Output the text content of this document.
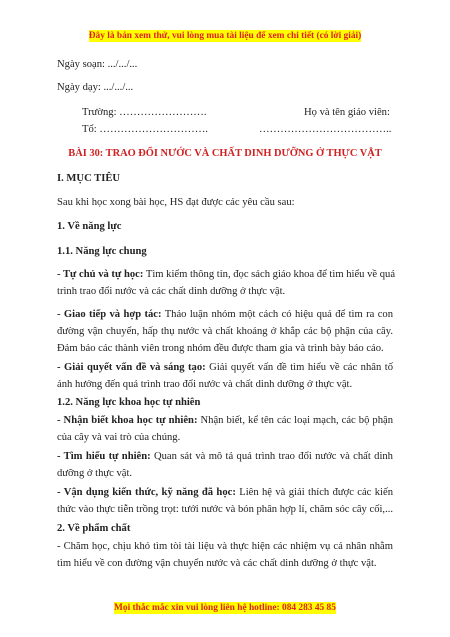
Đây là bản xem thử, vui lòng mua tài liệu để xem chi tiết (có lời giải)
Ngày soạn: .../.../...
Ngày dạy: .../.../...
Trường: …………………….	Họ và tên giáo viên:
Tổ: ………………………….	………………………………..
BÀI 30: TRAO ĐỔI NƯỚC VÀ CHẤT DINH DƯỠNG Ở THỰC VẬT
I. MỤC TIÊU
Sau khi học xong bài học, HS đạt được các yêu cầu sau:
1. Về năng lực
1.1. Năng lực chung
- Tự chủ và tự học: Tìm kiếm thông tin, đọc sách giáo khoa để tìm hiểu về quá
trình trao đổi nước và các chất dinh dưỡng ở thực vật.
- Giao tiếp và hợp tác: Thảo luận nhóm một cách có hiệu quả để tìm ra con
đường vận chuyển, hấp thụ nước và chất khoáng ở khắp các bộ phận của cây.
Đảm bảo các thành viên trong nhóm đều được tham gia và trình bày báo cáo.
- Giải quyết vấn đề và sáng tạo: Giải quyết vấn đề tìm hiểu về các nhân tố
ảnh hưởng đến quá trình trao đổi nước và chất dinh dưỡng ở thực vật.
1.2. Năng lực khoa học tự nhiên
- Nhận biết khoa học tự nhiên: Nhận biết, kể tên các loại mạch, các bộ phận
của cây và vai trò của chúng.
- Tìm hiểu tự nhiên: Quan sát và mô tả quá trình trao đổi nước và chất dinh
dưỡng ở thực vật.
- Vận dụng kiến thức, kỹ năng đã học: Liên hệ và giải thích được các kiến
thức vào thực tiễn trồng trọt: tưới nước và bón phân hợp lí, chăm sóc cây cối,...
2. Về phẩm chất
- Chăm học, chịu khó tìm tòi tài liệu và thực hiện các nhiệm vụ cá nhân nhằm
tìm hiểu về con đường vận chuyển nước và các chất dinh dưỡng ở thực vật.
Mọi thắc mắc xin vui lòng liên hệ hotline: 084 283 45 85
